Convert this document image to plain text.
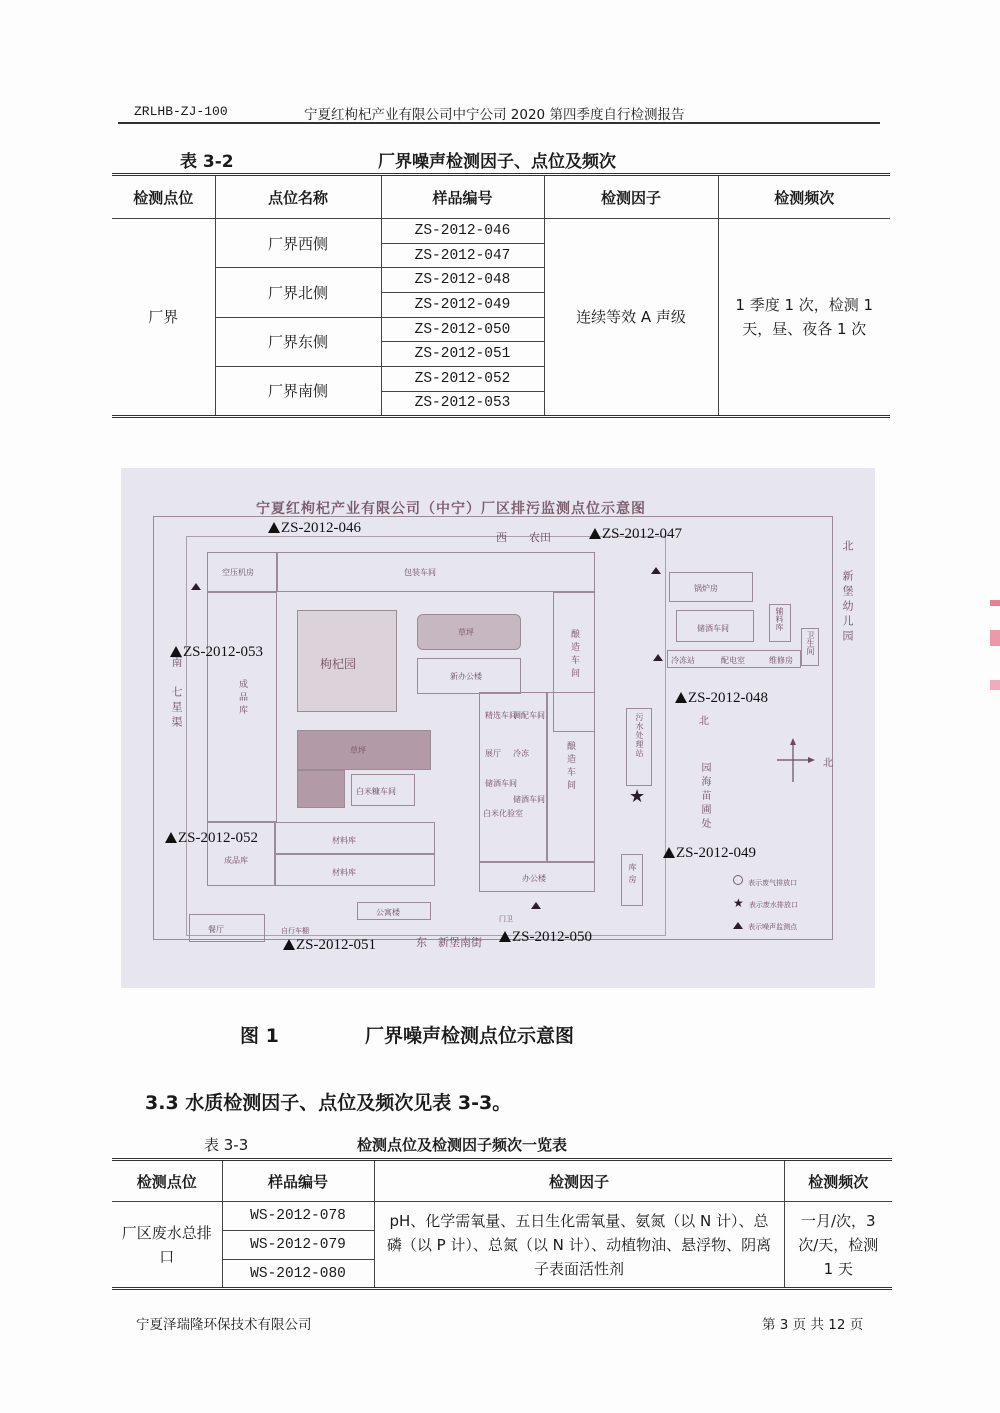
ZRLHB-ZJ-100	宁夏红枸杞产业有限公司中宁公司 2020 第四季度自行检测报告
表 3-2	厂界噪声检测因子、点位及频次
检测点位	点位名称	样品编号	检测因子	检测频次
厂界	厂界西侧	ZS-2012-046	连续等效 A 声级	1 季度 1 次，检测 1 天，昼、夜各 1 次
		ZS-2012-047		
	厂界北侧	ZS-2012-048		
		ZS-2012-049		
	厂界东侧	ZS-2012-050		
		ZS-2012-051		
	厂界南侧	ZS-2012-052		
		ZS-2012-053		
宁夏红枸杞产业有限公司（中宁）厂区排污监测点位示意图
西　　农田
东　新堡南街
南　七星渠
北　新堡幼儿园
空压机房	包装车间
成品库
枸杞园
草坪
新办公楼	酿造车间
草坪
白米糠车间
精选车间
调配车间
展厅 冷冻
储酒车间
储酒车间
白米化验室
酿造车间
办公楼
成品库
材料库
材料库
公寓楼
餐厅	自行车棚
门卫
锅炉房
储酒车间	辅料库
卫生间
冷冻站	配电室	维修房
污水处理站
库房
北
园海苗圃处
★
北
表示废气排放口
★ 表示废水排放口
表示噪声监测点
ZS-2012-046	ZS-2012-047
ZS-2012-048
ZS-2012-049
ZS-2012-050
ZS-2012-051
ZS-2012-052
ZS-2012-053
图 1	厂界噪声检测点位示意图
3.3 水质检测因子、点位及频次见表 3-3。
表 3-3	检测点位及检测因子频次一览表
检测点位	样品编号	检测因子	检测频次
厂区废水总排口	WS-2012-078	pH、化学需氧量、五日生化需氧量、氨氮（以 N 计）、总磷（以 P 计）、总氮（以 N 计）、动植物油、悬浮物、阴离子表面活性剂	一月/次，3 次/天，检测 1 天
	WS-2012-079		
	WS-2012-080		
宁夏泽瑞隆环保技术有限公司	第 3 页 共 12 页
